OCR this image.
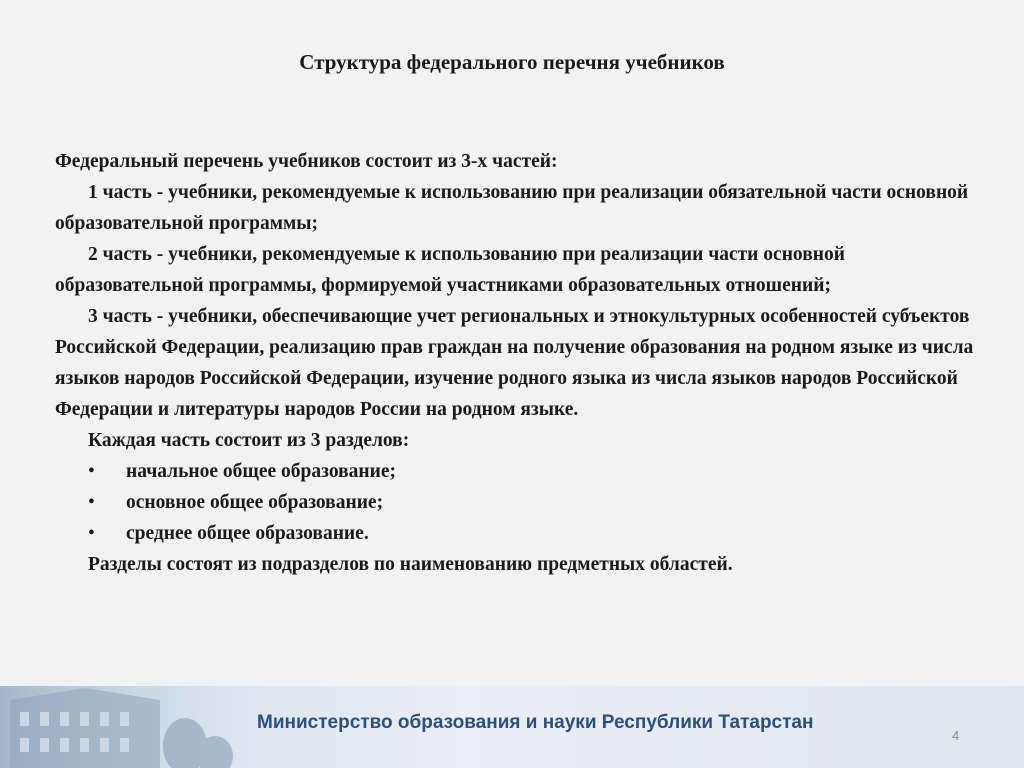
Структура федерального перечня учебников

Федеральный перечень учебников состоит из 3-х частей:

1 часть - учебники, рекомендуемые к использованию при реализации обязательной части основной образовательной программы;

2 часть - учебники, рекомендуемые к использованию при реализации части основной образовательной программы, формируемой участниками образовательных отношений;

3 часть - учебники, обеспечивающие учет региональных и этнокультурных особенностей субъектов Российской Федерации, реализацию прав граждан на получение образования на родном языке из числа языков народов Российской Федерации, изучение родного языка из числа языков народов Российской Федерации и литературы народов России на родном языке.

Каждая часть состоит из 3 разделов:

•	начальное общее образование;
•	основное общее образование;
•	среднее общее образование.

Разделы состоят из подразделов по наименованию предметных областей.

Министерство образования и науки Республики Татарстан
4
